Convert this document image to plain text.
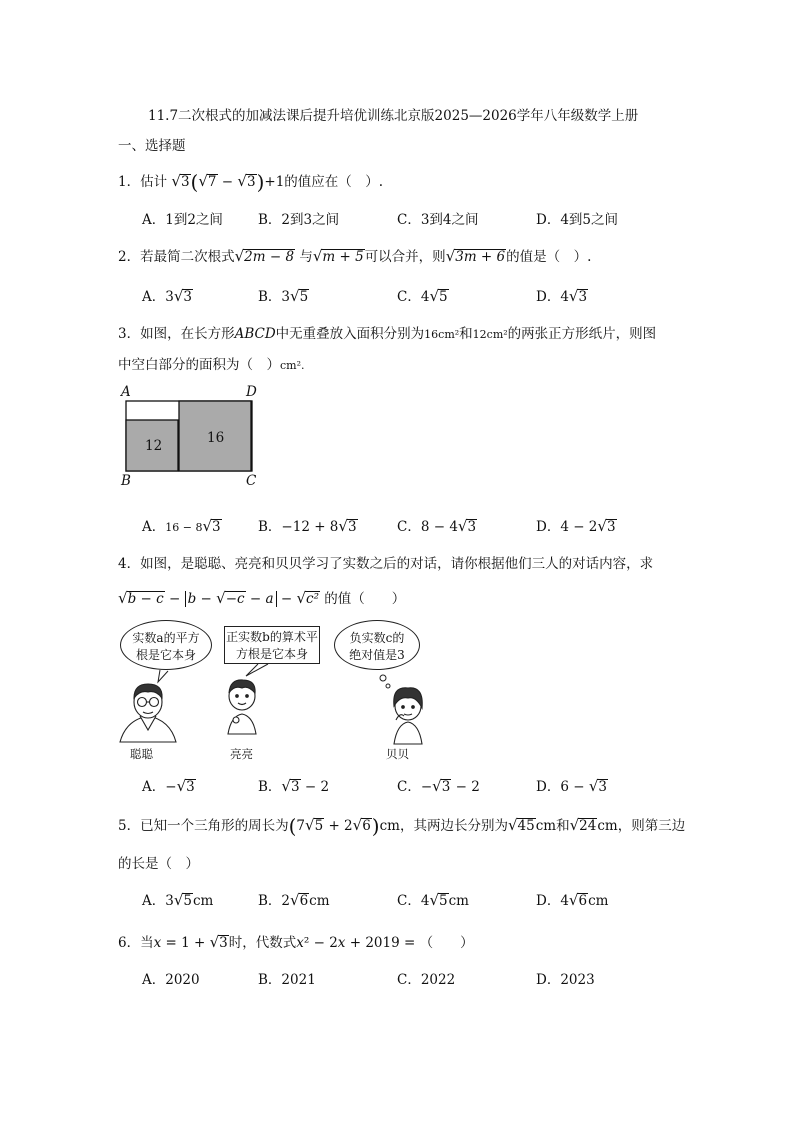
11.7二次根式的加减法课后提升培优训练北京版2025—2026学年八年级数学上册
一、选择题
1．估计 √3(√7 − √3)+1的值应在（　）.
A．1到2之间	B．2到3之间	C．3到4之间	D．4到5之间
2．若最简二次根式√2m − 8 与√m + 5可以合并，则√3m + 6的值是（　）.
A．3√3	B．3√5	C．4√5	D．4√3
3．如图，在长方形ABCD中无重叠放入面积分别为16cm²和12cm²的两张正方形纸片，则图
中空白部分的面积为（　）cm².
A	D
B	C
12	16
A．16 − 8√3	B．−12 + 8√3	C．8 − 4√3	D．4 − 2√3
4．如图，是聪聪、亮亮和贝贝学习了实数之后的对话，请你根据他们三人的对话内容，求
√b − c − b − √−c − a − √c² 的值（　　）
实数a的平方
根是它本身
正实数b的算术平
方根是它本身
负实数c的
绝对值是3
聪聪	亮亮	贝贝
A．−√3	B．√3 − 2	C．−√3 − 2	D．6 − √3
5．已知一个三角形的周长为(7√5 + 2√6)cm，其两边长分别为√45cm和√24cm，则第三边
的长是（　）
A．3√5cm	B．2√6cm	C．4√5cm	D．4√6cm
6．当x = 1 + √3时，代数式x² − 2x + 2019 = （　　）
A．2020	B．2021	C．2022	D．2023
